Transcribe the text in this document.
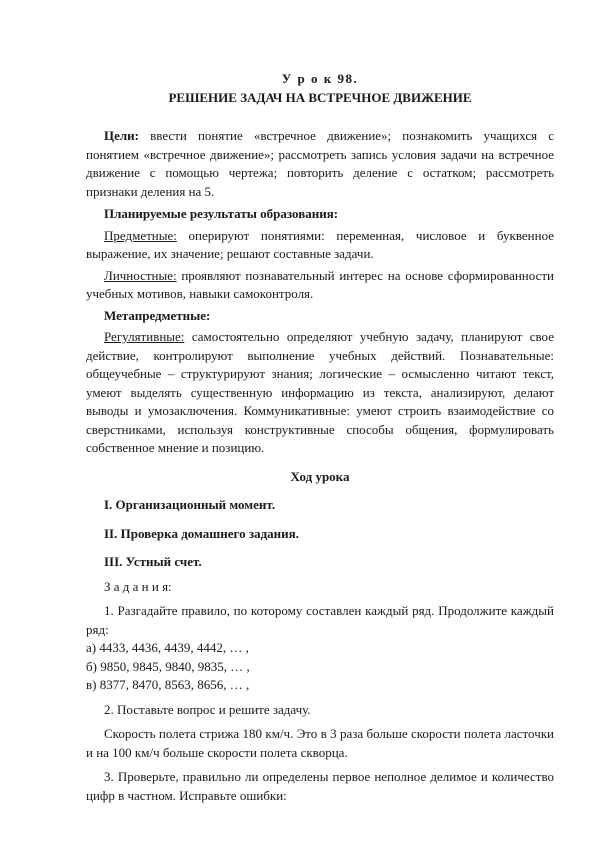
У р о к 98.
РЕШЕНИЕ ЗАДАЧ НА ВСТРЕЧНОЕ ДВИЖЕНИЕ

Цели: ввести понятие «встречное движение»; познакомить учащихся с понятием «встречное движение»; рассмотреть запись условия задачи на встречное движение с помощью чертежа; повторить деление с остатком; рассмотреть признаки деления на 5.

Планируемые результаты образования:

Предметные: оперируют понятиями: переменная, числовое и буквенное выражение, их значение; решают составные задачи.

Личностные: проявляют познавательный интерес на основе сформированности учебных мотивов, навыки самоконтроля.

Метапредметные:

Регулятивные: самостоятельно определяют учебную задачу, планируют свое действие, контролируют выполнение учебных действий. Познавательные: общеучебные – структурируют знания; логические – осмысленно читают текст, умеют выделять существенную информацию из текста, анализируют, делают выводы и умозаключения. Коммуникативные: умеют строить взаимодействие со сверстниками, используя конструктивные способы общения, формулировать собственное мнение и позицию.

Ход урока

I. Организационный момент.

II. Проверка домашнего задания.

III. Устный счет.

З а д а н и я:

1. Разгадайте правило, по которому составлен каждый ряд. Продолжите каждый ряд:

а) 4433, 4436, 4439, 4442, … ,
б) 9850, 9845, 9840, 9835, … ,
в) 8377, 8470, 8563, 8656, … ,

2. Поставьте вопрос и решите задачу.

Скорость полета стрижа 180 км/ч. Это в 3 раза больше скорости полета ласточки и на 100 км/ч больше скорости полета скворца.

3. Проверьте, правильно ли определены первое неполное делимое и количество цифр в частном. Исправьте ошибки:
